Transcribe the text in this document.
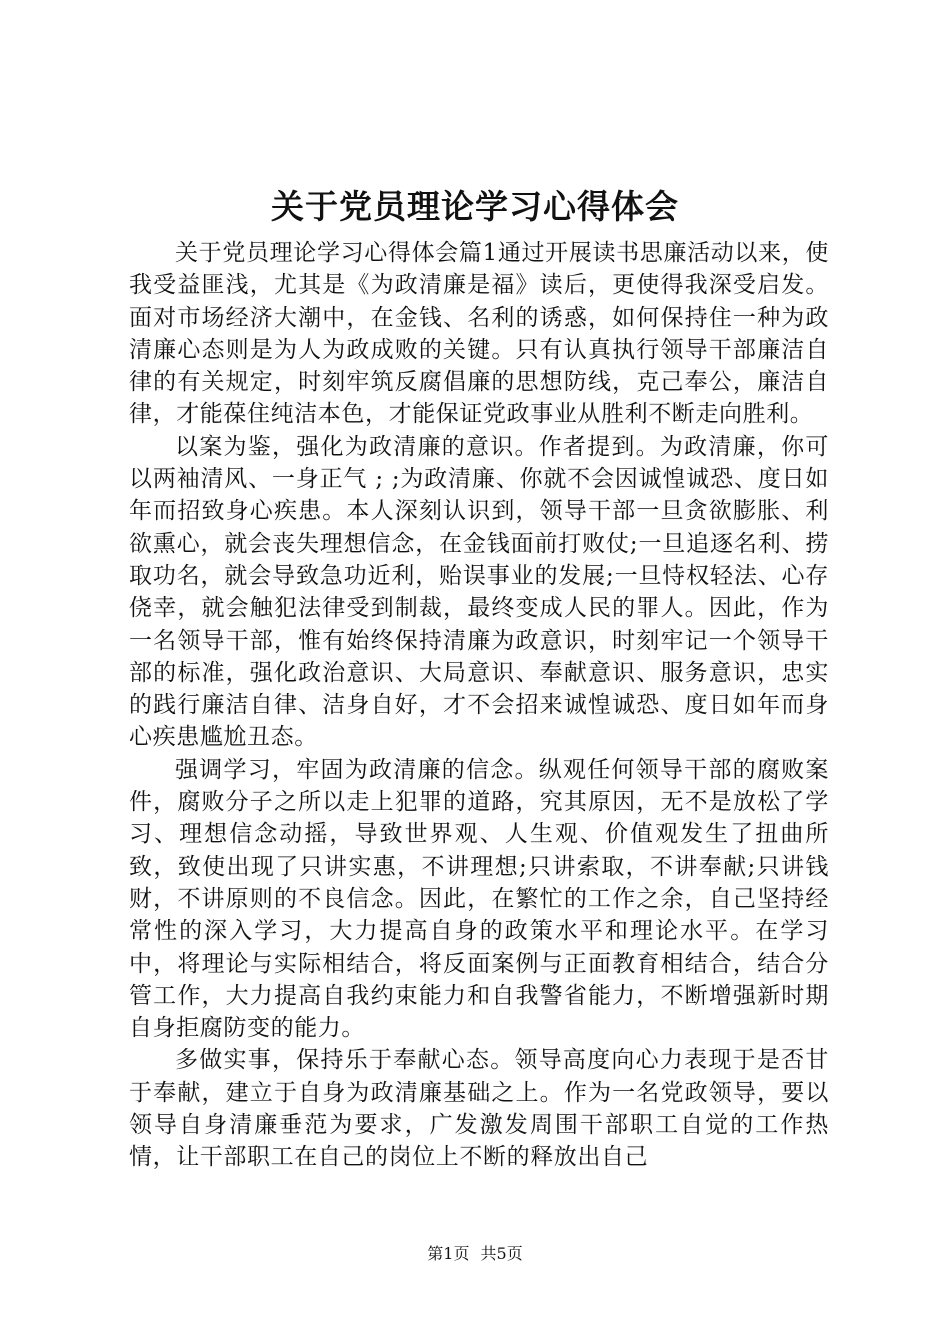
关于党员理论学习心得体会

关于党员理论学习心得体会篇1通过开展读书思廉活动以来，使我受益匪浅，尤其是《为政清廉是福》读后，更使得我深受启发。面对市场经济大潮中，在金钱、名利的诱惑，如何保持住一种为政清廉心态则是为人为政成败的关键。只有认真执行领导干部廉洁自律的有关规定，时刻牢筑反腐倡廉的思想防线，克己奉公，廉洁自律，才能葆住纯洁本色，才能保证党政事业从胜利不断走向胜利。

以案为鉴，强化为政清廉的意识。作者提到。为政清廉，你可以两袖清风、一身正气 ; ;为政清廉、你就不会因诚惶诚恐、度日如年而招致身心疾患。本人深刻认识到，领导干部一旦贪欲膨胀、利欲熏心，就会丧失理想信念，在金钱面前打败仗;一旦追逐名利、捞取功名，就会导致急功近利，贻误事业的发展;一旦恃权轻法、心存侥幸，就会触犯法律受到制裁，最终变成人民的罪人。因此，作为一名领导干部，惟有始终保持清廉为政意识，时刻牢记一个领导干部的标准，强化政治意识、大局意识、奉献意识、服务意识，忠实的践行廉洁自律、洁身自好，才不会招来诚惶诚恐、度日如年而身心疾患尴尬丑态。

强调学习，牢固为政清廉的信念。纵观任何领导干部的腐败案件，腐败分子之所以走上犯罪的道路，究其原因，无不是放松了学习、理想信念动摇，导致世界观、人生观、价值观发生了扭曲所致，致使出现了只讲实惠，不讲理想;只讲索取，不讲奉献;只讲钱财，不讲原则的不良信念。因此，在繁忙的工作之余，自己坚持经常性的深入学习，大力提高自身的政策水平和理论水平。在学习中，将理论与实际相结合，将反面案例与正面教育相结合，结合分管工作，大力提高自我约束能力和自我警省能力，不断增强新时期自身拒腐防变的能力。

多做实事，保持乐于奉献心态。领导高度向心力表现于是否甘于奉献，建立于自身为政清廉基础之上。作为一名党政领导，要以领导自身清廉垂范为要求，广发激发周围干部职工自觉的工作热情，让干部职工在自己的岗位上不断的释放出自己

第1页 共5页
